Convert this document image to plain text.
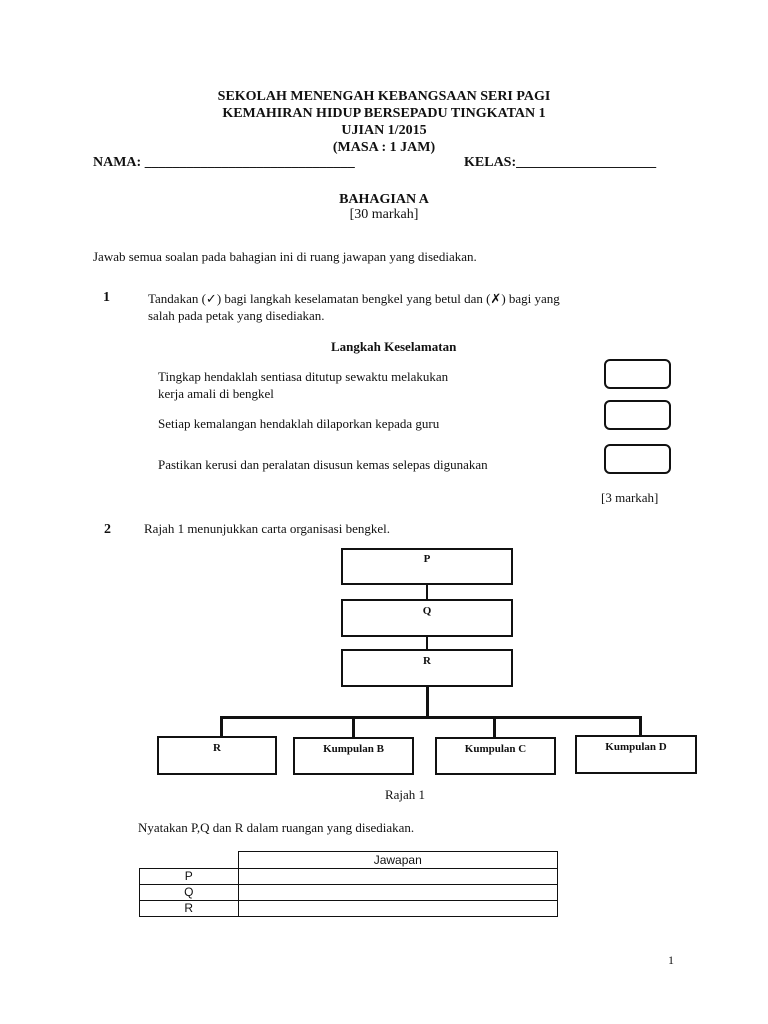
SEKOLAH MENENGAH KEBANGSAAN SERI PAGI
KEMAHIRAN HIDUP BERSEPADU TINGKATAN 1
UJIAN 1/2015
(MASA : 1 JAM)
NAMA: ______________________________	KELAS:____________________
BAHAGIAN A
[30 markah]
Jawab semua soalan pada bahagian ini di ruang jawapan yang disediakan.
1	Tandakan (✓) bagi langkah keselamatan bengkel yang betul dan (✗) bagi yang
salah pada petak yang disediakan.
Langkah Keselamatan
Tingkap hendaklah sentiasa ditutup sewaktu melakukan
kerja amali di bengkel
Setiap kemalangan hendaklah dilaporkan kepada guru
Pastikan kerusi dan peralatan disusun kemas selepas digunakan
[3 markah]
2	Rajah 1 menunjukkan carta organisasi bengkel.
P
Q
R
R	Kumpulan B	Kumpulan C	Kumpulan D
Rajah 1
Nyatakan P,Q dan R dalam ruangan yang disediakan.
	Jawapan
P	
Q	
R	
1
